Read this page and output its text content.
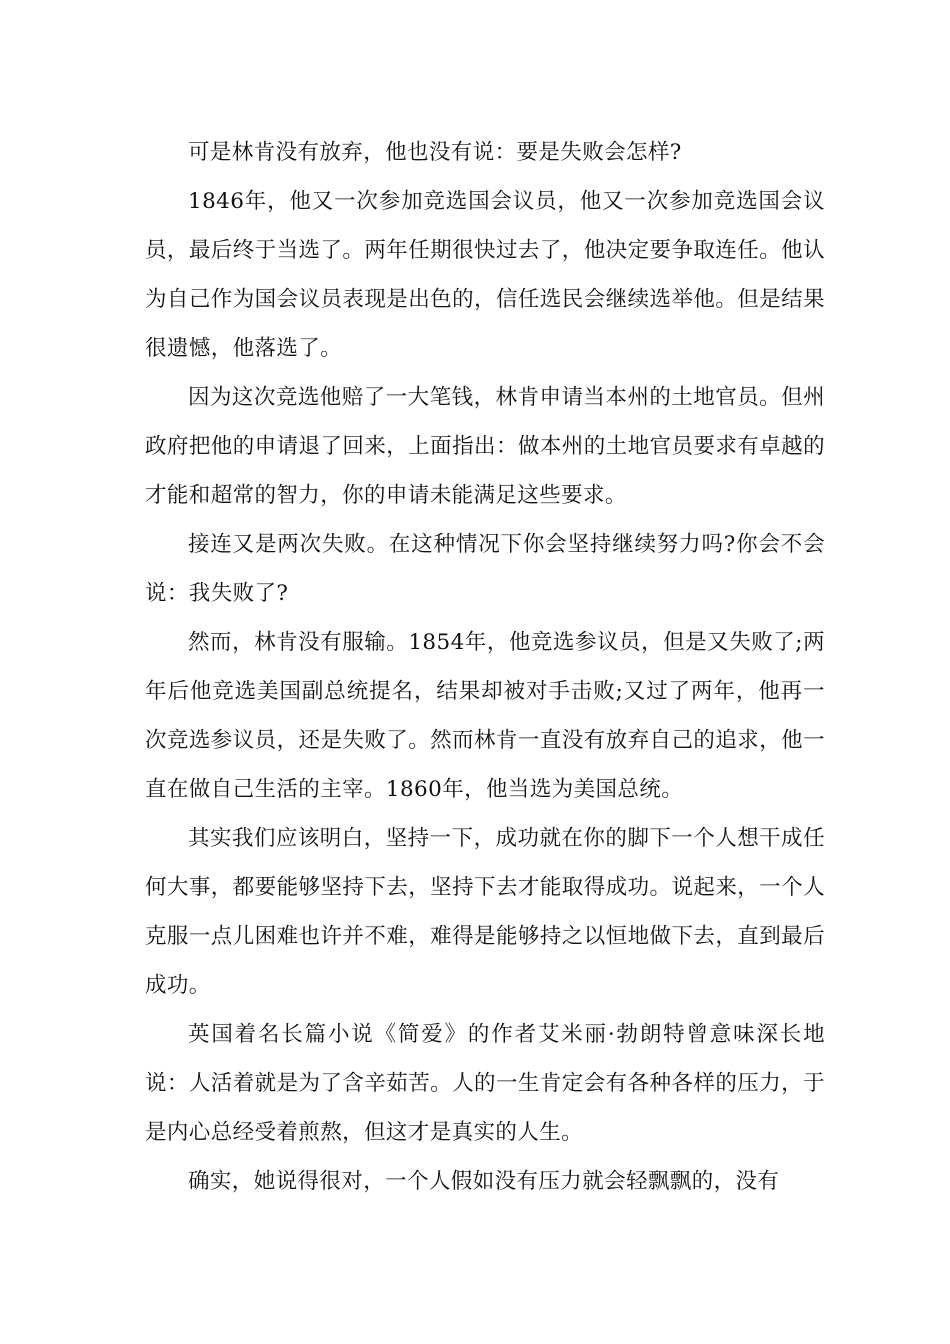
可是林肯没有放弃，他也没有说：要是失败会怎样?

1846年，他又一次参加竞选国会议员，他又一次参加竞选国会议员，最后终于当选了。两年任期很快过去了，他决定要争取连任。他认为自己作为国会议员表现是出色的，信任选民会继续选举他。但是结果很遗憾，他落选了。

因为这次竞选他赔了一大笔钱，林肯申请当本州的土地官员。但州政府把他的申请退了回来，上面指出：做本州的土地官员要求有卓越的才能和超常的智力，你的申请未能满足这些要求。

接连又是两次失败。在这种情况下你会坚持继续努力吗?你会不会说：我失败了?

然而，林肯没有服输。1854年，他竞选参议员，但是又失败了;两年后他竞选美国副总统提名，结果却被对手击败;又过了两年，他再一次竞选参议员，还是失败了。然而林肯一直没有放弃自己的追求，他一直在做自己生活的主宰。1860年，他当选为美国总统。

其实我们应该明白，坚持一下，成功就在你的脚下一个人想干成任何大事，都要能够坚持下去，坚持下去才能取得成功。说起来，一个人克服一点儿困难也许并不难，难得是能够持之以恒地做下去，直到最后成功。

英国着名长篇小说《简爱》的作者艾米丽·勃朗特曾意味深长地说：人活着就是为了含辛茹苦。人的一生肯定会有各种各样的压力，于是内心总经受着煎熬，但这才是真实的人生。

确实，她说得很对，一个人假如没有压力就会轻飘飘的，没有
